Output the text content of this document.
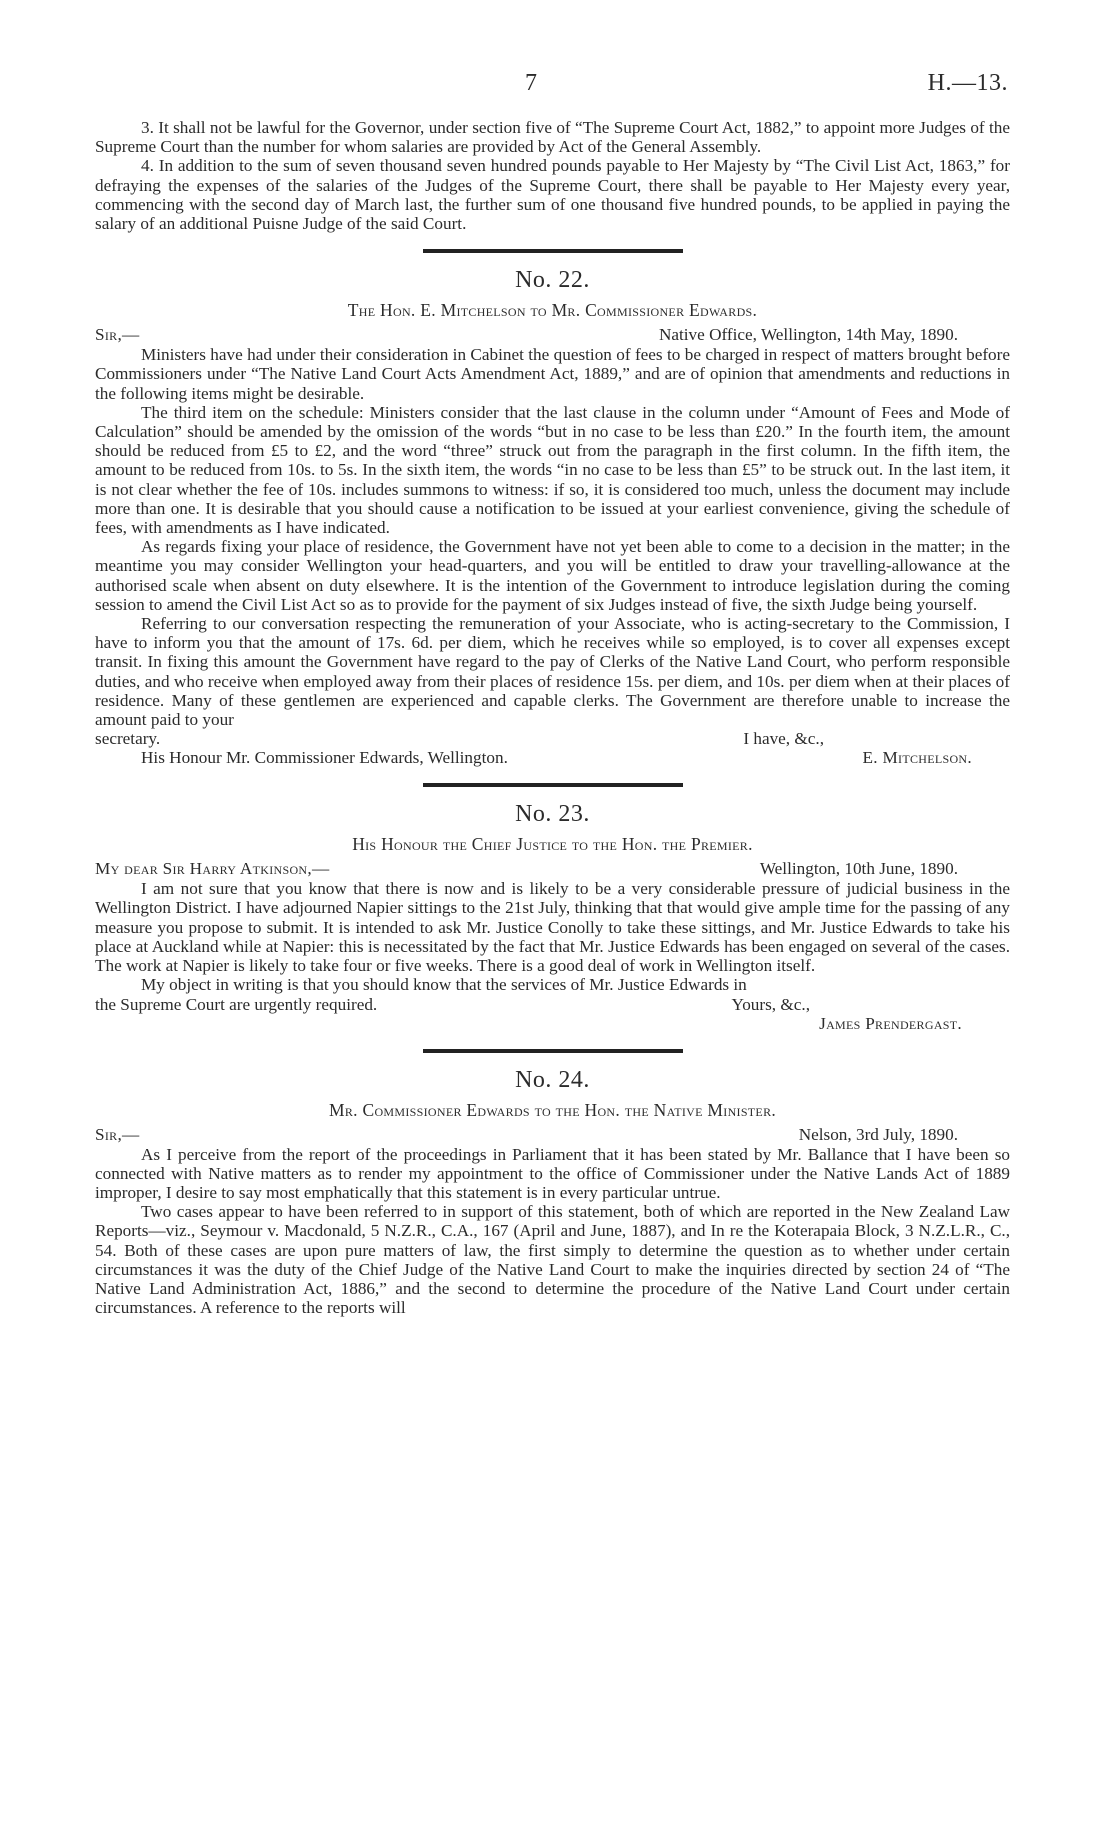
7	H.—13.

3. It shall not be lawful for the Governor, under section five of “The Supreme Court Act, 1882,” to appoint more Judges of the Supreme Court than the number for whom salaries are provided by Act of the General Assembly.

4. In addition to the sum of seven thousand seven hundred pounds payable to Her Majesty by “The Civil List Act, 1863,” for defraying the expenses of the salaries of the Judges of the Supreme Court, there shall be payable to Her Majesty every year, commencing with the second day of March last, the further sum of one thousand five hundred pounds, to be applied in paying the salary of an additional Puisne Judge of the said Court.

No. 22.
The Hon. E. Mitchelson to Mr. Commissioner Edwards.
Sir,—	Native Office, Wellington, 14th May, 1890.

Ministers have had under their consideration in Cabinet the question of fees to be charged in respect of matters brought before Commissioners under “The Native Land Court Acts Amendment Act, 1889,” and are of opinion that amendments and reductions in the following items might be desirable.

The third item on the schedule: Ministers consider that the last clause in the column under “Amount of Fees and Mode of Calculation” should be amended by the omission of the words “but in no case to be less than £20.” In the fourth item, the amount should be reduced from £5 to £2, and the word “three” struck out from the paragraph in the first column. In the fifth item, the amount to be reduced from 10s. to 5s. In the sixth item, the words “in no case to be less than £5” to be struck out. In the last item, it is not clear whether the fee of 10s. includes summons to witness: if so, it is considered too much, unless the document may include more than one. It is desirable that you should cause a notification to be issued at your earliest convenience, giving the schedule of fees, with amendments as I have indicated.

As regards fixing your place of residence, the Government have not yet been able to come to a decision in the matter; in the meantime you may consider Wellington your head-quarters, and you will be entitled to draw your travelling-allowance at the authorised scale when absent on duty elsewhere. It is the intention of the Government to introduce legislation during the coming session to amend the Civil List Act so as to provide for the payment of six Judges instead of five, the sixth Judge being yourself.

Referring to our conversation respecting the remuneration of your Associate, who is acting-secretary to the Commission, I have to inform you that the amount of 17s. 6d. per diem, which he receives while so employed, is to cover all expenses except transit. In fixing this amount the Government have regard to the pay of Clerks of the Native Land Court, who perform responsible duties, and who receive when employed away from their places of residence 15s. per diem, and 10s. per diem when at their places of residence. Many of these gentlemen are experienced and capable clerks. The Government are therefore unable to increase the amount paid to your

secretary.	I have, &c.,
His Honour Mr. Commissioner Edwards, Wellington.	E. Mitchelson.
No. 23.
His Honour the Chief Justice to the Hon. the Premier.
My dear Sir Harry Atkinson,—	Wellington, 10th June, 1890.

I am not sure that you know that there is now and is likely to be a very considerable pressure of judicial business in the Wellington District. I have adjourned Napier sittings to the 21st July, thinking that that would give ample time for the passing of any measure you propose to submit. It is intended to ask Mr. Justice Conolly to take these sittings, and Mr. Justice Edwards to take his place at Auckland while at Napier: this is necessitated by the fact that Mr. Justice Edwards has been engaged on several of the cases. The work at Napier is likely to take four or five weeks. There is a good deal of work in Wellington itself.

My object in writing is that you should know that the services of Mr. Justice Edwards in

the Supreme Court are urgently required.	Yours, &c.,
James Prendergast.
No. 24.
Mr. Commissioner Edwards to the Hon. the Native Minister.
Sir,—	Nelson, 3rd July, 1890.

As I perceive from the report of the proceedings in Parliament that it has been stated by Mr. Ballance that I have been so connected with Native matters as to render my appointment to the office of Commissioner under the Native Lands Act of 1889 improper, I desire to say most emphatically that this statement is in every particular untrue.

Two cases appear to have been referred to in support of this statement, both of which are reported in the New Zealand Law Reports—viz., Seymour v. Macdonald, 5 N.Z.R., C.A., 167 (April and June, 1887), and In re the Koterapaia Block, 3 N.Z.L.R., C., 54. Both of these cases are upon pure matters of law, the first simply to determine the question as to whether under certain circumstances it was the duty of the Chief Judge of the Native Land Court to make the inquiries directed by section 24 of “The Native Land Administration Act, 1886,” and the second to determine the procedure of the Native Land Court under certain circumstances. A reference to the reports will
